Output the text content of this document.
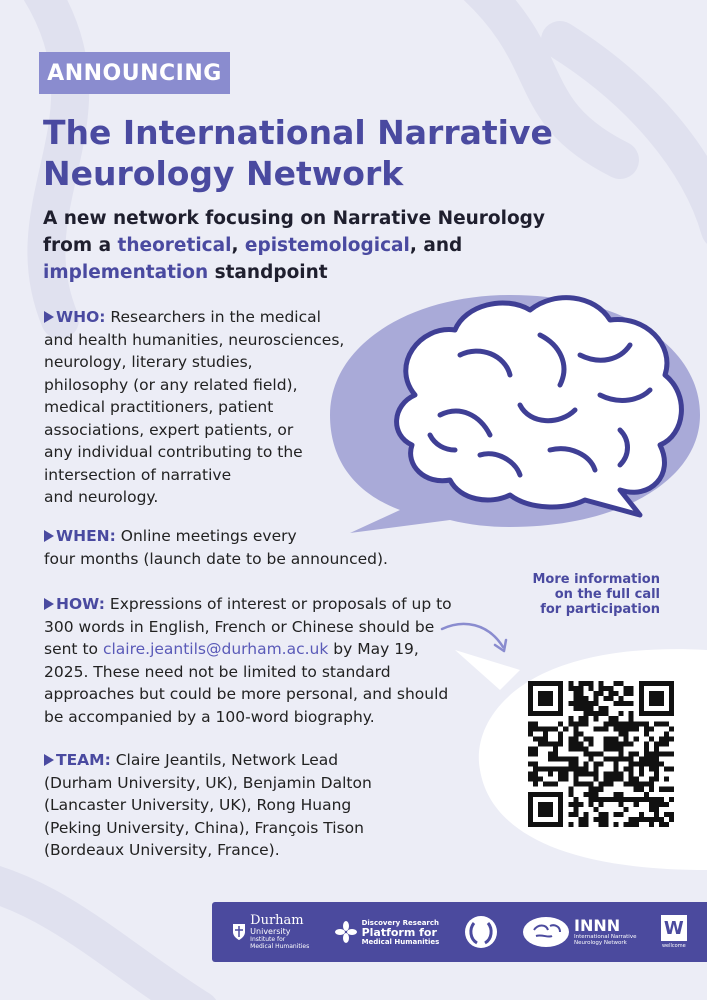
ANNOUNCING
The International Narrative
Neurology Network
A new network focusing on Narrative Neurology
from a theoretical, epistemological, and
implementation standpoint
WHO: Researchers in the medical
and health humanities, neurosciences,
neurology, literary studies,
philosophy (or any related field),
medical practitioners, patient
associations, expert patients, or
any individual contributing to the
intersection of narrative
and neurology.
WHEN: Online meetings every
four months (launch date to be announced).
HOW: Expressions of interest or proposals of up to
300 words in English, French or Chinese should be
sent to claire.jeantils@durham.ac.uk by May 19,
2025. These need not be limited to standard
approaches but could be more personal, and should
be accompanied by a 100-word biography.
TEAM: Claire Jeantils, Network Lead
(Durham University, UK), Benjamin Dalton
(Lancaster University, UK), Rong Huang
(Peking University, China), François Tison
(Bordeaux University, France).
More information
on the full call
for participation
Durham
University
Institute for
Medical Humanities
Discovery Research
Platform for
Medical Humanities
INNN
International Narrative
Neurology Network
W
wellcome
